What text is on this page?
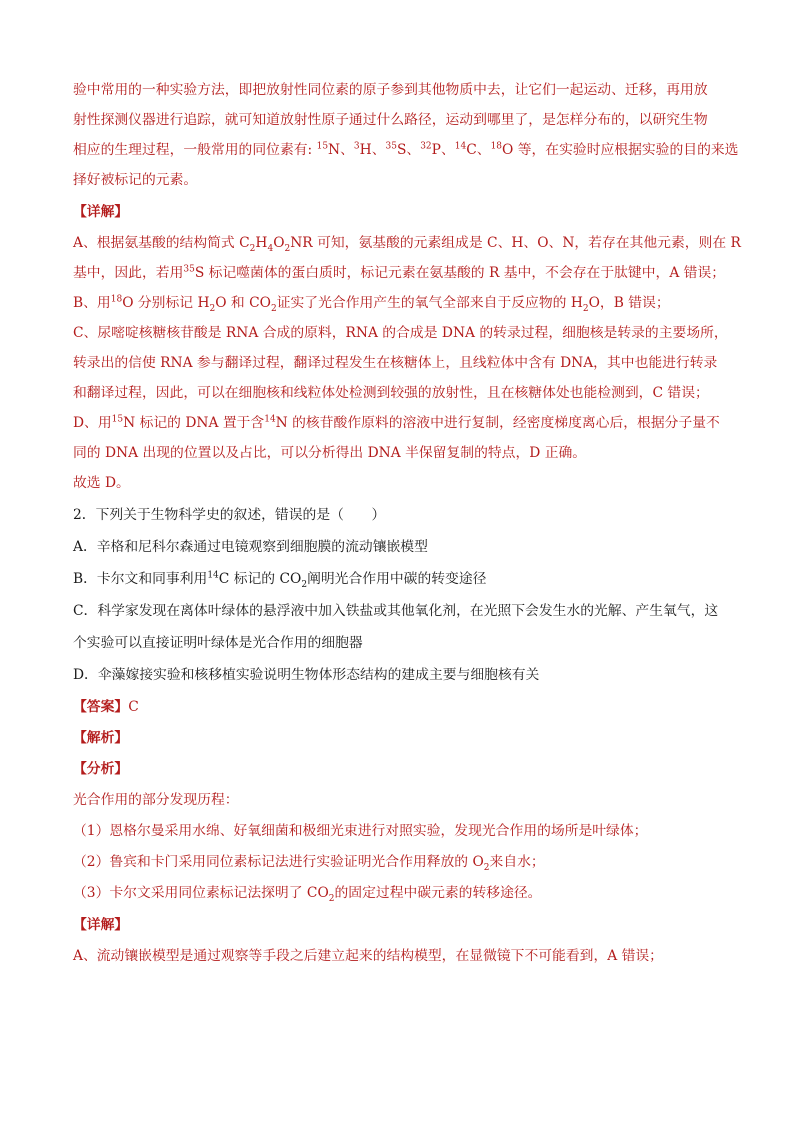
验中常用的一种实验方法，即把放射性同位素的原子参到其他物质中去，让它们一起运动、迁移，再用放
射性探测仪器进行追踪，就可知道放射性原子通过什么路径，运动到哪里了，是怎样分布的，以研究生物
相应的生理过程，一般常用的同位素有: $^{15}$N、$^3$H、$^{35}$S、$^{32}$P、$^{14}$C、$^{18}$O 等，在实验时应根据实验的目的来选
择好被标记的元素。
【详解】
A、根据氨基酸的结构简式 $C_2H_4O_2NR$ 可知，氨基酸的元素组成是 C、H、O、N，若存在其他元素，则在 R
基中，因此，若用$^{35}$S 标记噬菌体的蛋白质时，标记元素在氨基酸的 R 基中，不会存在于肽键中，A 错误；
B、用$^{18}$O 分别标记 $H_2O$ 和 $CO_2$证实了光合作用产生的氧气全部来自于反应物的 $H_2O$，B 错误；
C、尿嘧啶核糖核苷酸是 RNA 合成的原料，RNA 的合成是 DNA 的转录过程，细胞核是转录的主要场所，
转录出的信使 RNA 参与翻译过程，翻译过程发生在核糖体上，且线粒体中含有 DNA，其中也能进行转录
和翻译过程，因此，可以在细胞核和线粒体处检测到较强的放射性，且在核糖体处也能检测到，C 错误；
D、用$^{15}$N 标记的 DNA 置于含$^{14}$N 的核苷酸作原料的溶液中进行复制，经密度梯度离心后，根据分子量不
同的 DNA 出现的位置以及占比，可以分析得出 DNA 半保留复制的特点，D 正确。
故选 D。
2．下列关于生物科学史的叙述，错误的是（　　）
A．辛格和尼科尔森通过电镜观察到细胞膜的流动镶嵌模型
B．卡尔文和同事利用$^{14}$C 标记的 $CO_2$阐明光合作用中碳的转变途径
C．科学家发现在离体叶绿体的悬浮液中加入铁盐或其他氧化剂，在光照下会发生水的光解、产生氧气，这
个实验可以直接证明叶绿体是光合作用的细胞器
D．伞藻嫁接实验和核移植实验说明生物体形态结构的建成主要与细胞核有关
【答案】C
【解析】
【分析】
光合作用的部分发现历程：
（1）恩格尔曼采用水绵、好氧细菌和极细光束进行对照实验，发现光合作用的场所是叶绿体；
（2）鲁宾和卡门采用同位素标记法进行实验证明光合作用释放的 $O_2$来自水；
（3）卡尔文采用同位素标记法探明了 $CO_2$的固定过程中碳元素的转移途径。
【详解】
A、流动镶嵌模型是通过观察等手段之后建立起来的结构模型，在显微镜下不可能看到，A 错误；
